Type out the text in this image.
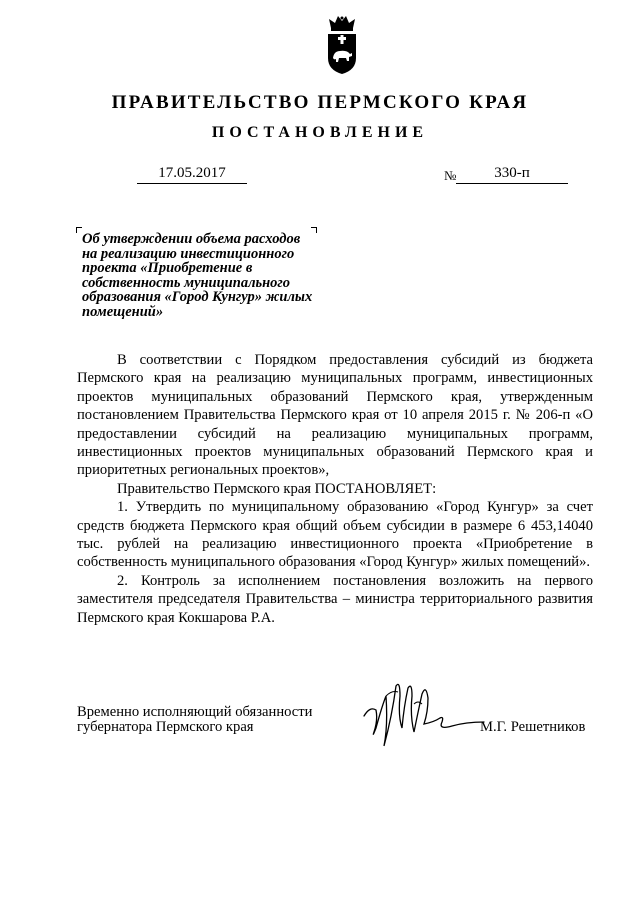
ПРАВИТЕЛЬСТВО ПЕРМСКОГО КРАЯ
ПОСТАНОВЛЕНИЕ
17.05.2017	№	330-п
Об утверждении объема расходов на реализацию инвестиционного проекта «Приобретение в собственность муниципального образования «Город Кунгур» жилых помещений»

В соответствии с Порядком предоставления субсидий из бюджета Пермского края на реализацию муниципальных программ, инвестиционных проектов муниципальных образований Пермского края, утвержденным постановлением Правительства Пермского края от 10 апреля 2015 г. № 206-п «О предоставлении субсидий на реализацию муниципальных программ, инвестиционных проектов муниципальных образований Пермского края и приоритетных региональных проектов»,

Правительство Пермского края ПОСТАНОВЛЯЕТ:

1. Утвердить по муниципальному образованию «Город Кунгур» за счет средств бюджета Пермского края общий объем субсидии в размере 6 453,14040 тыс. рублей на реализацию инвестиционного проекта «Приобретение в собственность муниципального образования «Город Кунгур» жилых помещений».

2. Контроль за исполнением постановления возложить на первого заместителя председателя Правительства – министра территориального развития Пермского края Кокшарова Р.А.

Временно исполняющий обязанности
губернатора Пермского края	М.Г. Решетников
